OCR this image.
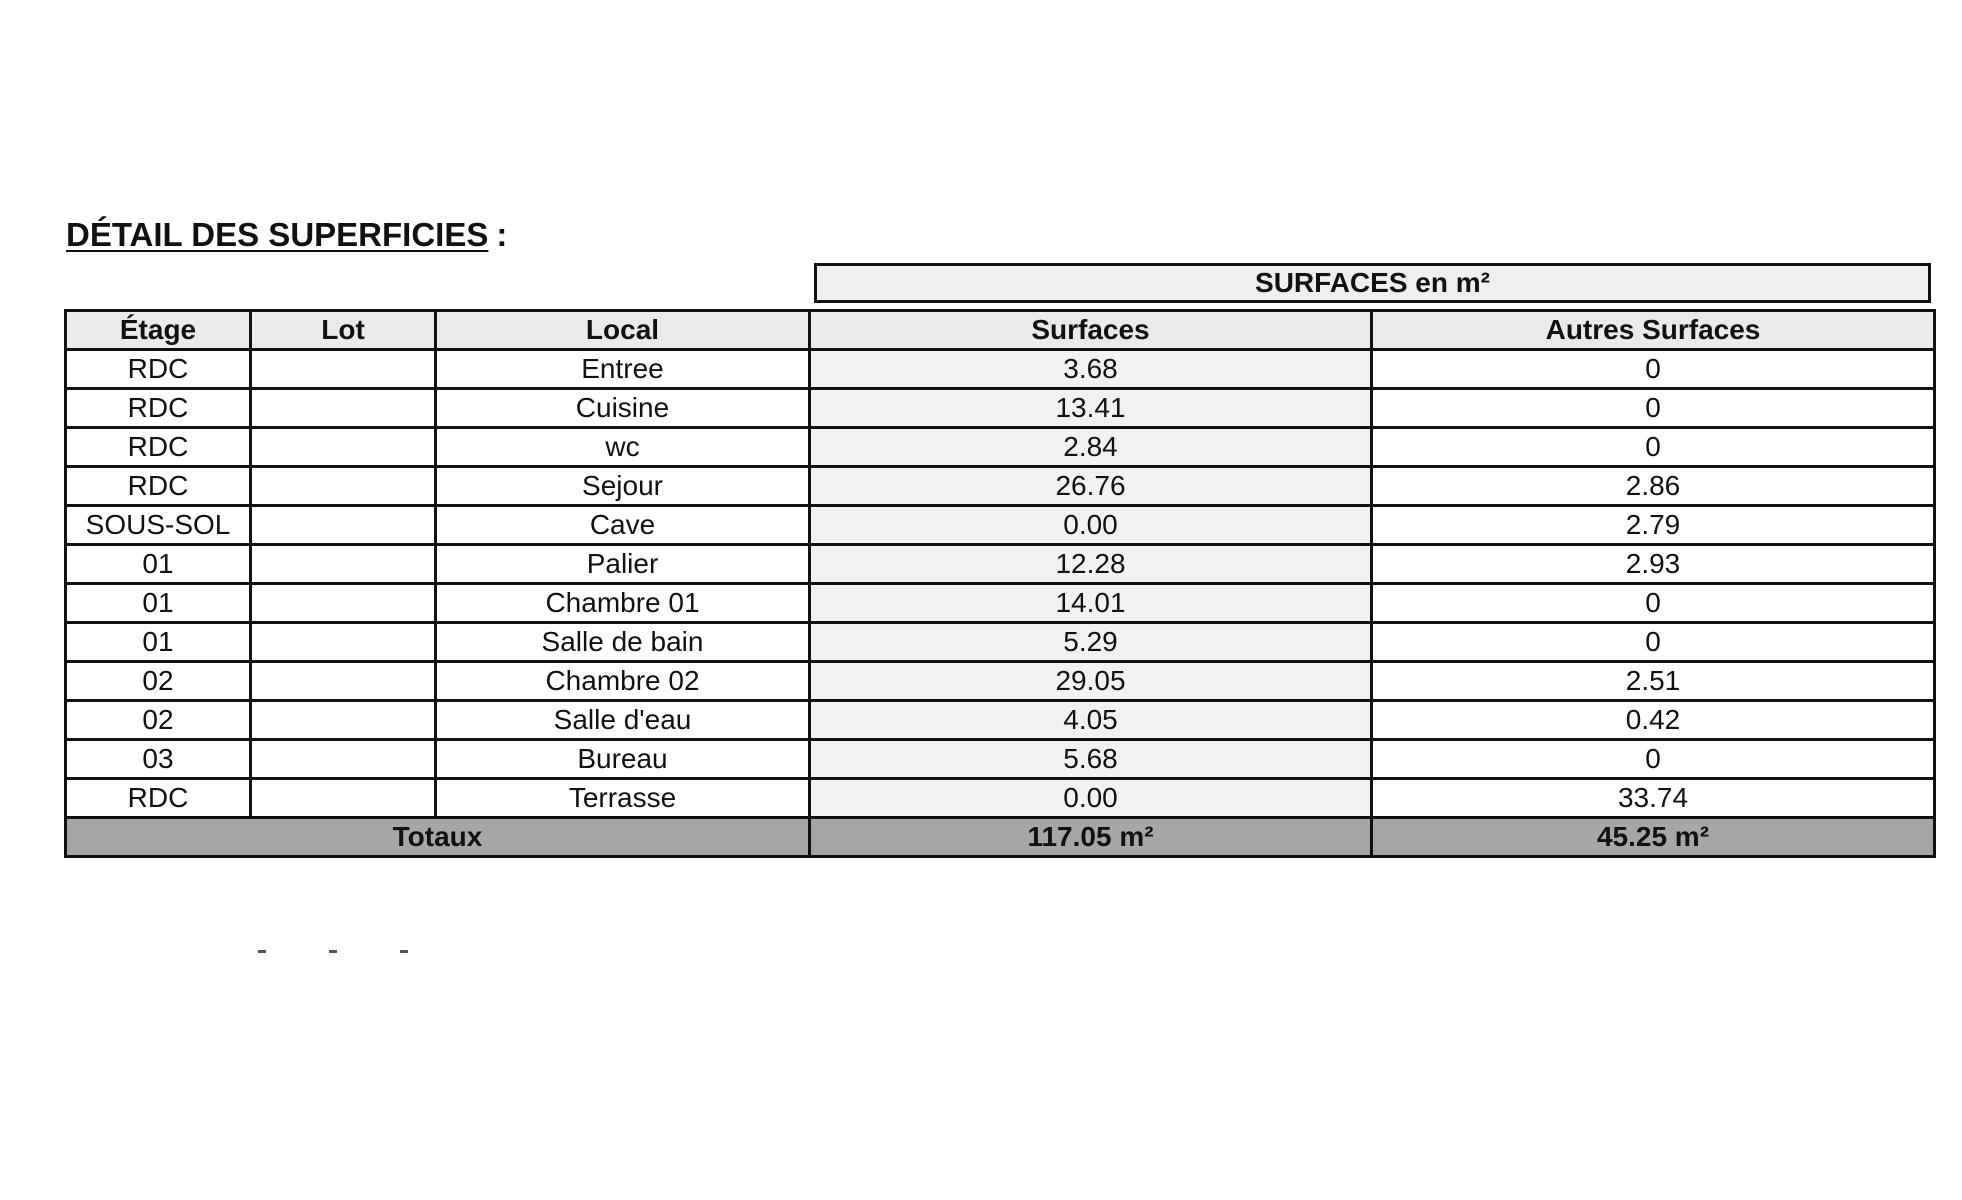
DÉTAIL DES SUPERFICIES :
SURFACES en m²
Étage	Lot	Local	Surfaces	Autres Surfaces
RDC		Entree	3.68	0
RDC		Cuisine	13.41	0
RDC		wc	2.84	0
RDC		Sejour	26.76	2.86
SOUS-SOL		Cave	0.00	2.79
01		Palier	12.28	2.93
01		Chambre 01	14.01	0
01		Salle de bain	5.29	0
02		Chambre 02	29.05	2.51
02		Salle d'eau	4.05	0.42
03		Bureau	5.68	0
RDC		Terrasse	0.00	33.74
Totaux			117.05 m²	45.25 m²
